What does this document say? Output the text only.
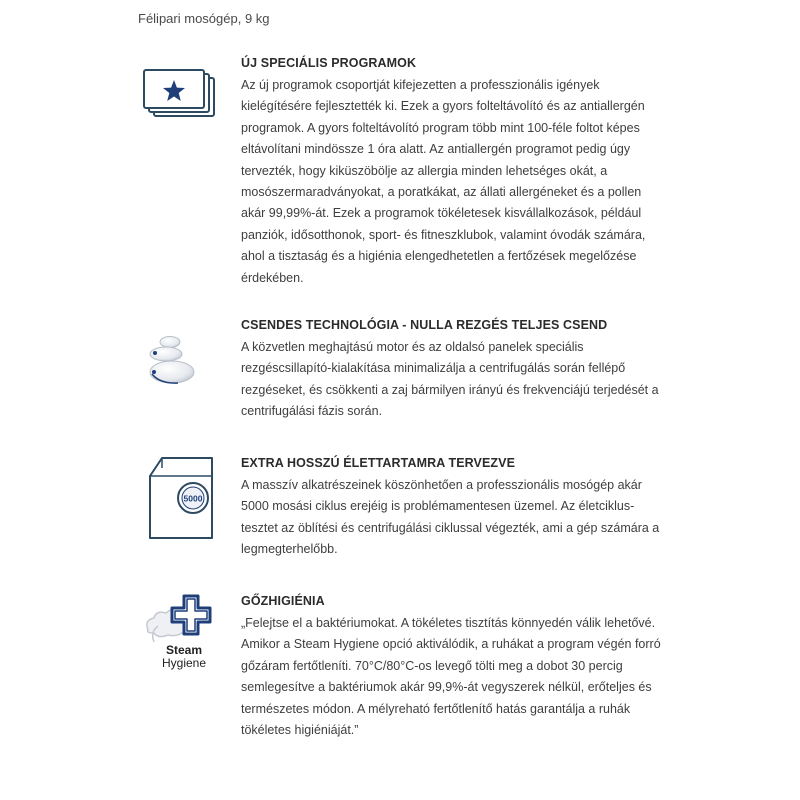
Félipari mosógép, 9 kg
ÚJ SPECIÁLIS PROGRAMOK

Az új programok csoportját kifejezetten a professzionális igények kielégítésére fejlesztették ki. Ezek a gyors folteltávolító és az antiallergén programok. A gyors folteltávolító program több mint 100-féle foltot képes eltávolítani mindössze 1 óra alatt. Az antiallergén programot pedig úgy tervezték, hogy kiküszöbölje az allergia minden lehetséges okát, a mosószermaradványokat, a poratkákat, az állati allergéneket és a pollen akár 99,99%-át. Ezek a programok tökéletesek kisvállalkozások, például panziók, idősotthonok, sport- és fitneszklubok, valamint óvodák számára, ahol a tisztaság és a higiénia elengedhetetlen a fertőzések megelőzése érdekében.

CSENDES TECHNOLÓGIA - NULLA REZGÉS TELJES CSEND

A közvetlen meghajtású motor és az oldalsó panelek speciális rezgéscsillapító-kialakítása minimalizálja a centrifugálás során fellépő rezgéseket, és csökkenti a zaj bármilyen irányú és frekvenciájú terjedését a centrifugálási fázis során.

5000
EXTRA HOSSZÚ ÉLETTARTAMRA TERVEZVE

A masszív alkatrészeinek köszönhetően a professzionális mosógép akár 5000 mosási ciklus erejéig is problémamentesen üzemel. Az életciklus-tesztet az öblítési és centrifugálási ciklussal végezték, ami a gép számára a legmegterhelőbb.

Steam
Hygiene
GŐZHIGIÉNIA

„Felejtse el a baktériumokat. A tökéletes tisztítás könnyedén válik lehetővé. Amikor a Steam Hygiene opció aktiválódik, a ruhákat a program végén forró gőzáram fertőtleníti. 70°C/80°C-os levegő tölti meg a dobot 30 percig semlegesítve a baktériumok akár 99,9%-át vegyszerek nélkül, erőteljes és természetes módon. A mélyreható fertőtlenítő hatás garantálja a ruhák tökéletes higiéniáját.”
